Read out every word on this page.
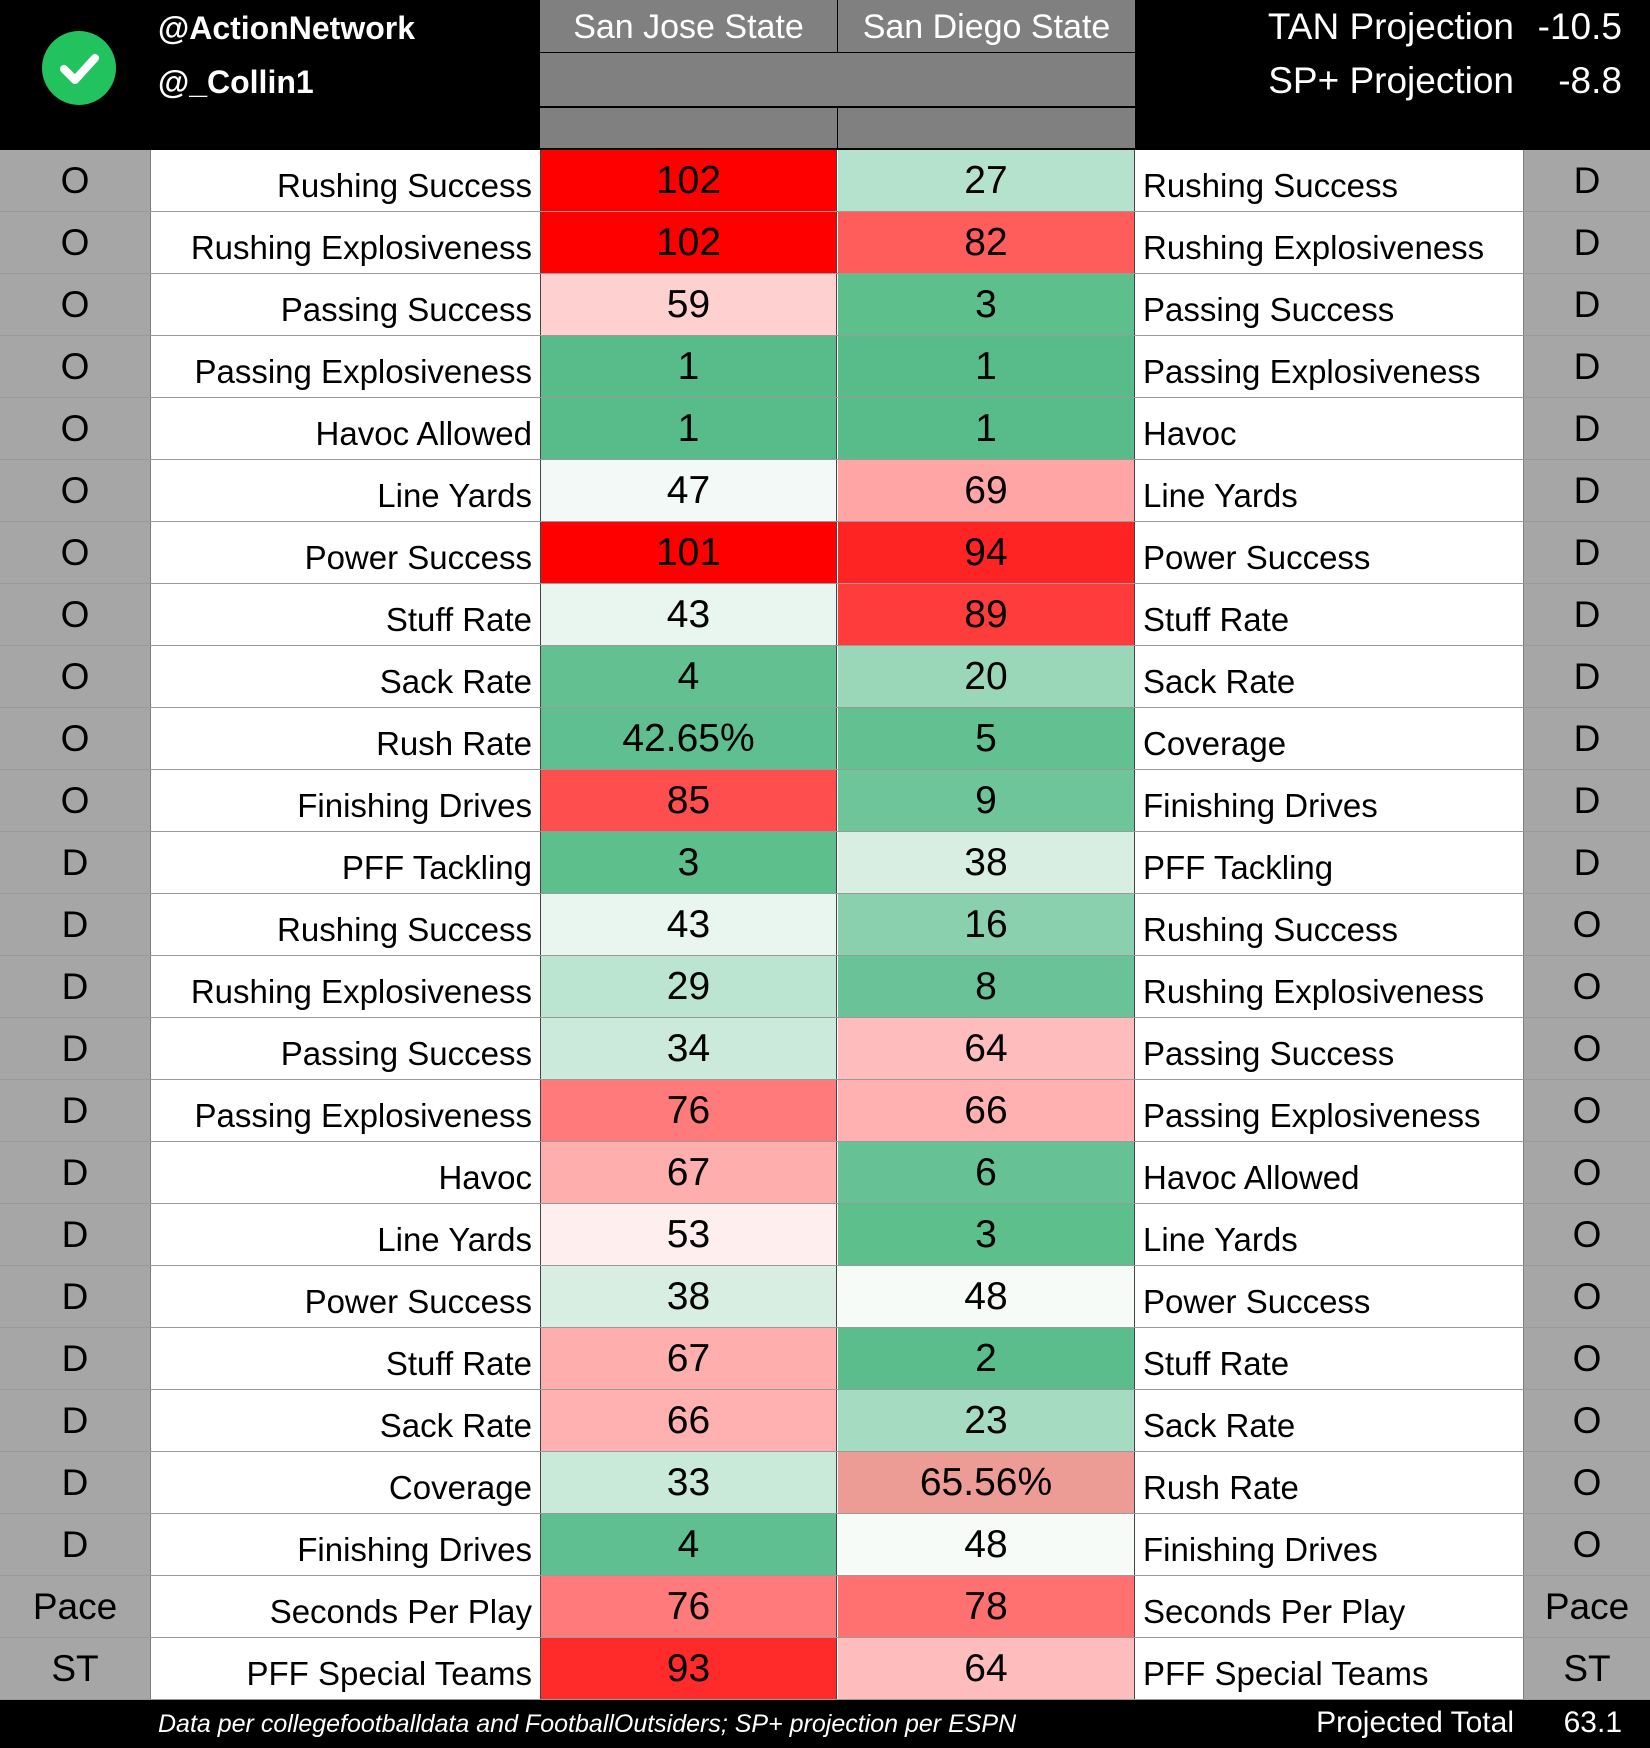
@ActionNetwork
@_Collin1
San Jose State	San Diego State	TAN Projection -10.5
SP+ Projection -8.8
O	Rushing Success	102	27	Rushing Success	D
O	Rushing Explosiveness	102	82	Rushing Explosiveness	D
O	Passing Success	59	3	Passing Success	D
O	Passing Explosiveness	1	1	Passing Explosiveness	D
O	Havoc Allowed	1	1	Havoc	D
O	Line Yards	47	69	Line Yards	D
O	Power Success	101	94	Power Success	D
O	Stuff Rate	43	89	Stuff Rate	D
O	Sack Rate	4	20	Sack Rate	D
O	Rush Rate	42.65%	5	Coverage	D
O	Finishing Drives	85	9	Finishing Drives	D
D	PFF Tackling	3	38	PFF Tackling	D
D	Rushing Success	43	16	Rushing Success	O
D	Rushing Explosiveness	29	8	Rushing Explosiveness	O
D	Passing Success	34	64	Passing Success	O
D	Passing Explosiveness	76	66	Passing Explosiveness	O
D	Havoc	67	6	Havoc Allowed	O
D	Line Yards	53	3	Line Yards	O
D	Power Success	38	48	Power Success	O
D	Stuff Rate	67	2	Stuff Rate	O
D	Sack Rate	66	23	Sack Rate	O
D	Coverage	33	65.56%	Rush Rate	O
D	Finishing Drives	4	48	Finishing Drives	O
Pace	Seconds Per Play	76	78	Seconds Per Play	Pace
ST	PFF Special Teams	93	64	PFF Special Teams	ST
Data per collegefootballdata and FootballOutsiders; SP+ projection per ESPN	Projected Total 63.1
